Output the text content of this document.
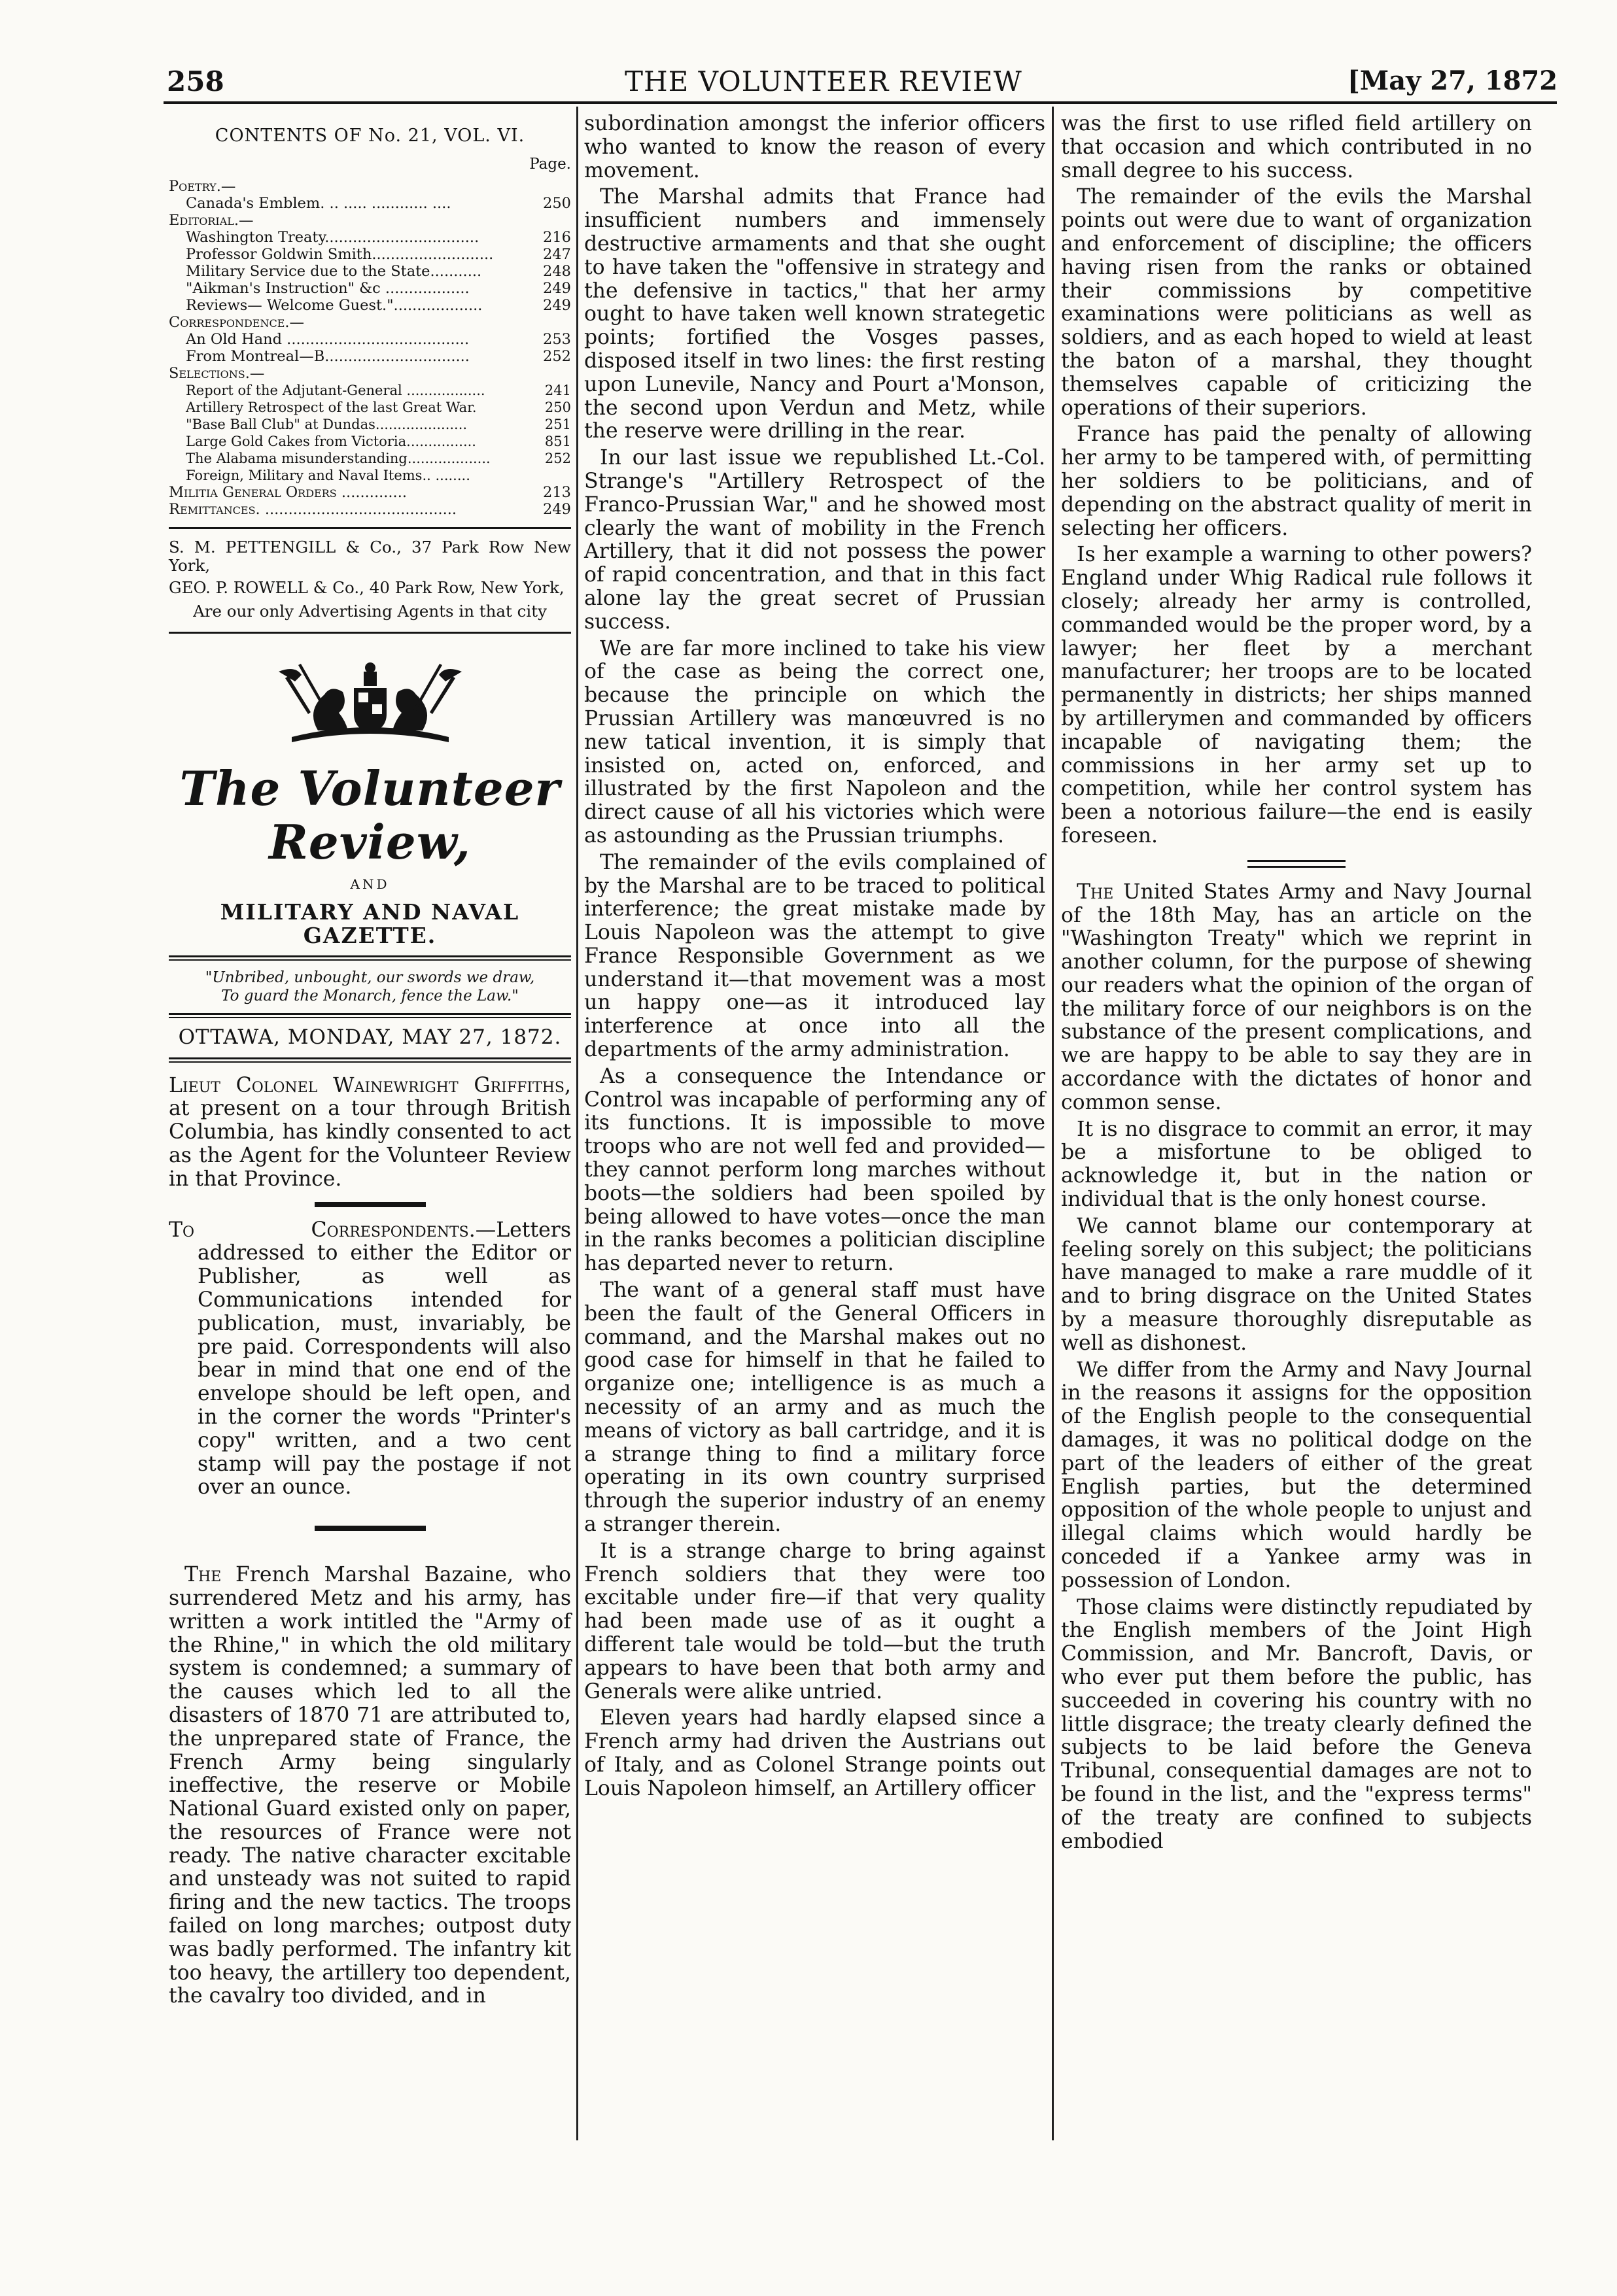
258	THE VOLUNTEER REVIEW	[May 27, 1872
CONTENTS OF No. 21, VOL. VI.

Page.
Poetry.—
Canada's Emblem. .. ..... ............ ....	250
Editorial.—
Washington Treaty.................................	216
Professor Goldwin Smith..........................	247
Military Service due to the State...........	248
"Aikman's Instruction" &c ..................	249
Reviews— Welcome Guest."...................	249
Correspondence.—
An Old Hand .......................................	253
From Montreal—B...............................	252
Selections.—
Report of the Adjutant-General ..................	241
Artillery Retrospect of the last Great War.	250
"Base Ball Club" at Dundas.....................	251
Large Gold Cakes from Victoria................	851
The Alabama misunderstanding...................	252
Foreign, Military and Naval Items.. ........
Militia General Orders ..............	213
Remittances. .........................................	249
S. M. PETTENGILL & Co., 37 Park Row New York,
GEO. P. ROWELL & Co., 40 Park Row, New York,
Are our only Advertising Agents in that city
The Volunteer Review,
AND
MILITARY AND NAVAL GAZETTE.
"Unbribed, unbought, our swords we draw,
To guard the Monarch, fence the Law."
OTTAWA, MONDAY, MAY 27, 1872.

Lieut Colonel Wainewright Griffiths, at present on a tour through British Columbia, has kindly consented to act as the Agent for the Volunteer Review in that Province.

To Correspondents.—Letters addressed to either the Editor or Publisher, as well as Communications intended for publication, must, invariably, be pre paid. Correspondents will also bear in mind that one end of the envelope should be left open, and in the corner the words "Printer's copy" written, and a two cent stamp will pay the postage if not over an ounce.

The French Marshal Bazaine, who surrendered Metz and his army, has written a work intitled the "Army of the Rhine," in which the old military system is condemned; a summary of the causes which led to all the disasters of 1870 71 are attributed to, the unprepared state of France, the French Army being singularly ineffective, the reserve or Mobile National Guard existed only on paper, the resources of France were not ready. The native character excitable and unsteady was not suited to rapid firing and the new tactics. The troops failed on long marches; outpost duty was badly performed. The infantry kit too heavy, the artillery too dependent, the cavalry too divided, and in

subordination amongst the inferior officers who wanted to know the reason of every movement.

The Marshal admits that France had insufficient numbers and immensely destructive armaments and that she ought to have taken the "offensive in strategy and the defensive in tactics," that her army ought to have taken well known strategetic points; fortified the Vosges passes, disposed itself in two lines: the first resting upon Lunevile, Nancy and Pourt a'Monson, the second upon Verdun and Metz, while the reserve were drilling in the rear.

In our last issue we republished Lt.-Col. Strange's "Artillery Retrospect of the Franco-Prussian War," and he showed most clearly the want of mobility in the French Artillery, that it did not possess the power of rapid concentration, and that in this fact alone lay the great secret of Prussian success.

We are far more inclined to take his view of the case as being the correct one, because the principle on which the Prussian Artillery was manœuvred is no new tatical invention, it is simply that insisted on, acted on, enforced, and illustrated by the first Napoleon and the direct cause of all his victories which were as astounding as the Prussian triumphs.

The remainder of the evils complained of by the Marshal are to be traced to political interference; the great mistake made by Louis Napoleon was the attempt to give France Responsible Government as we understand it—that movement was a most un happy one—as it introduced lay interference at once into all the departments of the army administration.

As a consequence the Intendance or Control was incapable of performing any of its functions. It is impossible to move troops who are not well fed and provided—they cannot perform long marches without boots—the soldiers had been spoiled by being allowed to have votes—once the man in the ranks becomes a politician discipline has departed never to return.

The want of a general staff must have been the fault of the General Officers in command, and the Marshal makes out no good case for himself in that he failed to organize one; intelligence is as much a necessity of an army and as much the means of victory as ball cartridge, and it is a strange thing to find a military force operating in its own country surprised through the superior industry of an enemy a stranger therein.

It is a strange charge to bring against French soldiers that they were too excitable under fire—if that very quality had been made use of as it ought a different tale would be told—but the truth appears to have been that both army and Generals were alike untried.

Eleven years had hardly elapsed since a French army had driven the Austrians out of Italy, and as Colonel Strange points out Louis Napoleon himself, an Artillery officer

was the first to use rifled field artillery on that occasion and which contributed in no small degree to his success.

The remainder of the evils the Marshal points out were due to want of organization and enforcement of discipline; the officers having risen from the ranks or obtained their commissions by competitive examinations were politicians as well as soldiers, and as each hoped to wield at least the baton of a marshal, they thought themselves capable of criticizing the operations of their superiors.

France has paid the penalty of allowing her army to be tampered with, of permitting her soldiers to be politicians, and of depending on the abstract quality of merit in selecting her officers.

Is her example a warning to other powers? England under Whig Radical rule follows it closely; already her army is controlled, commanded would be the proper word, by a lawyer; her fleet by a merchant manufacturer; her troops are to be located permanently in districts; her ships manned by artillerymen and commanded by officers incapable of navigating them; the commissions in her army set up to competition, while her control system has been a notorious failure—the end is easily foreseen.

The United States Army and Navy Journal of the 18th May, has an article on the "Washington Treaty" which we reprint in another column, for the purpose of shewing our readers what the opinion of the organ of the military force of our neighbors is on the substance of the present complications, and we are happy to be able to say they are in accordance with the dictates of honor and common sense.

It is no disgrace to commit an error, it may be a misfortune to be obliged to acknowledge it, but in the nation or individual that is the only honest course.

We cannot blame our contemporary at feeling sorely on this subject; the politicians have managed to make a rare muddle of it and to bring disgrace on the United States by a measure thoroughly disreputable as well as dishonest.

We differ from the Army and Navy Journal in the reasons it assigns for the opposition of the English people to the consequential damages, it was no political dodge on the part of the leaders of either of the great English parties, but the determined opposition of the whole people to unjust and illegal claims which would hardly be conceded if a Yankee army was in possession of London.

Those claims were distinctly repudiated by the English members of the Joint High Commission, and Mr. Bancroft, Davis, or who ever put them before the public, has succeeded in covering his country with no little disgrace; the treaty clearly defined the subjects to be laid before the Geneva Tribunal, consequential damages are not to be found in the list, and the "express terms" of the treaty are confined to subjects embodied
